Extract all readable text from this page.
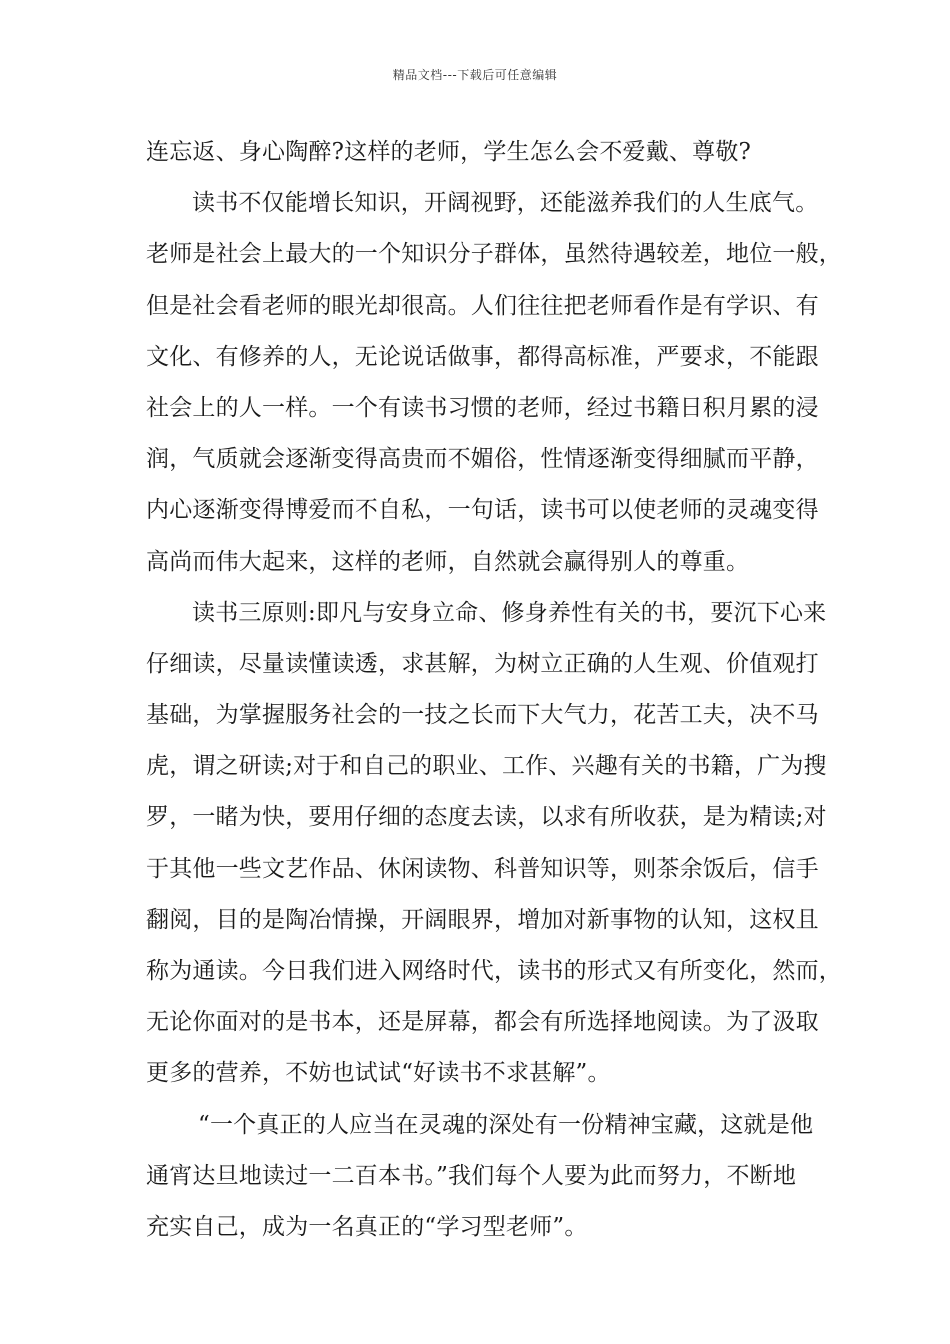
精品文档---下载后可任意编辑
连忘返、身心陶醉?这样的老师，学生怎么会不爱戴、尊敬?
读书不仅能增长知识，开阔视野，还能滋养我们的人生底气。
老师是社会上最大的一个知识分子群体，虽然待遇较差，地位一般，
但是社会看老师的眼光却很高。人们往往把老师看作是有学识、有
文化、有修养的人，无论说话做事，都得高标准，严要求，不能跟
社会上的人一样。一个有读书习惯的老师，经过书籍日积月累的浸
润，气质就会逐渐变得高贵而不媚俗，性情逐渐变得细腻而平静，
内心逐渐变得博爱而不自私，一句话，读书可以使老师的灵魂变得
高尚而伟大起来，这样的老师，自然就会赢得别人的尊重。
读书三原则:即凡与安身立命、修身养性有关的书，要沉下心来
仔细读，尽量读懂读透，求甚解，为树立正确的人生观、价值观打
基础，为掌握服务社会的一技之长而下大气力，花苦工夫，决不马
虎，谓之研读;对于和自己的职业、工作、兴趣有关的书籍，广为搜
罗，一睹为快，要用仔细的态度去读，以求有所收获，是为精读;对
于其他一些文艺作品、休闲读物、科普知识等，则茶余饭后，信手
翻阅，目的是陶冶情操，开阔眼界，增加对新事物的认知，这权且
称为通读。今日我们进入网络时代，读书的形式又有所变化，然而，
无论你面对的是书本，还是屏幕，都会有所选择地阅读。为了汲取
更多的营养，不妨也试试“好读书不求甚解”。
“一个真正的人应当在灵魂的深处有一份精神宝藏，这就是他
通宵达旦地读过一二百本书。”我们每个人要为此而努力，不断地
充实自己，成为一名真正的“学习型老师”。
